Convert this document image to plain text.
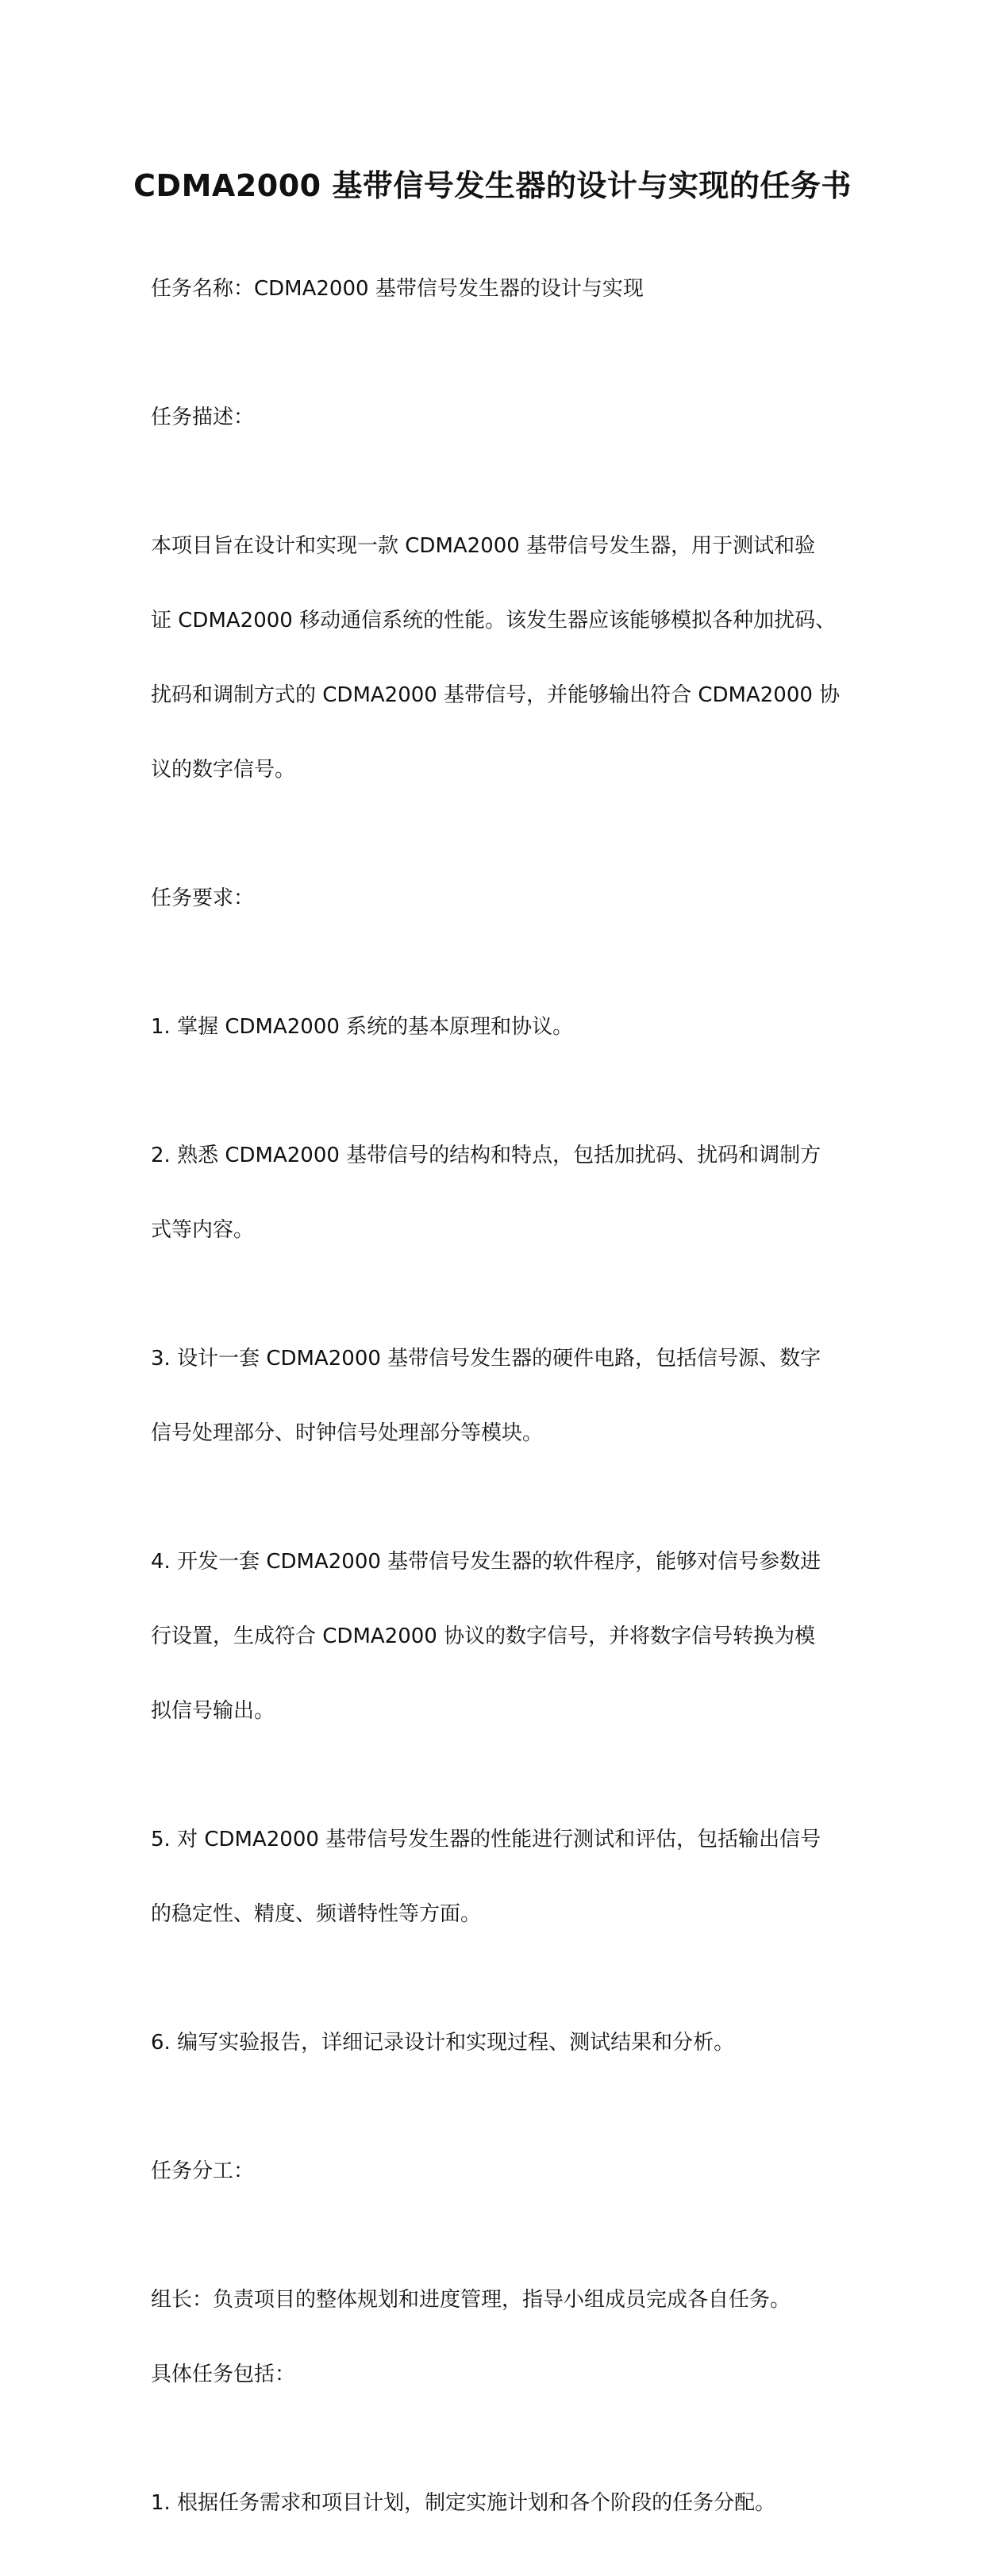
CDMA2000 基带信号发生器的设计与实现的任务书

任务名称：CDMA2000 基带信号发生器的设计与实现

任务描述：

本项目旨在设计和实现一款 CDMA2000 基带信号发生器，用于测试和验

证 CDMA2000 移动通信系统的性能。该发生器应该能够模拟各种加扰码、

扰码和调制方式的 CDMA2000 基带信号，并能够输出符合 CDMA2000 协

议的数字信号。

任务要求：

1. 掌握 CDMA2000 系统的基本原理和协议。

2. 熟悉 CDMA2000 基带信号的结构和特点，包括加扰码、扰码和调制方

式等内容。

3. 设计一套 CDMA2000 基带信号发生器的硬件电路，包括信号源、数字

信号处理部分、时钟信号处理部分等模块。

4. 开发一套 CDMA2000 基带信号发生器的软件程序，能够对信号参数进

行设置，生成符合 CDMA2000 协议的数字信号，并将数字信号转换为模

拟信号输出。

5. 对 CDMA2000 基带信号发生器的性能进行测试和评估，包括输出信号

的稳定性、精度、频谱特性等方面。

6. 编写实验报告，详细记录设计和实现过程、测试结果和分析。

任务分工：

组长：负责项目的整体规划和进度管理，指导小组成员完成各自任务。

具体任务包括：

1. 根据任务需求和项目计划，制定实施计划和各个阶段的任务分配。
